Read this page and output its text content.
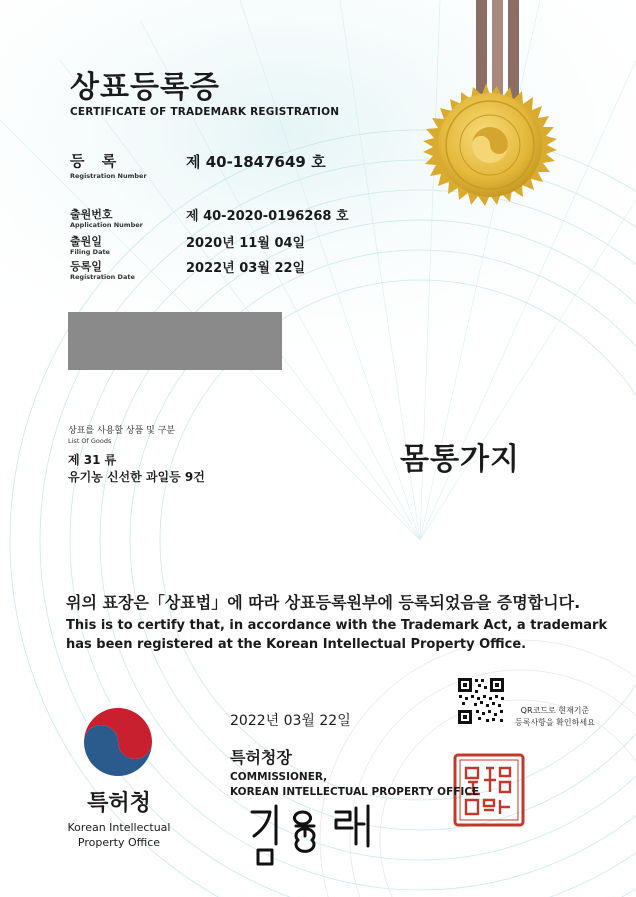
상표등록증
CERTIFICATE OF TRADEMARK REGISTRATION
등 록
Registration Number
제 40-1847649 호
출원번호
Application Number
제 40-2020-0196268 호
출원일
Filing Date
2020년 11월 04일
등록일
Registration Date
2022년 03월 22일
상표를 사용할 상품 및 구분
List Of Goods
제 31 류
유기농 신선한 과일등 9건	몸통가지
위의 표장은「상표법」에 따라 상표등록원부에 등록되었음을 증명합니다.
This is to certify that, in accordance with the Trademark Act, a trademark
has been registered at the Korean Intellectual Property Office.
QR코드로 현재기준
등록사항을 확인하세요
2022년 03월 22일
특허청장
COMMISSIONER,
KOREAN INTELLECTUAL PROPERTY OFFICE
특허청
Korean Intellectual
Property Office
